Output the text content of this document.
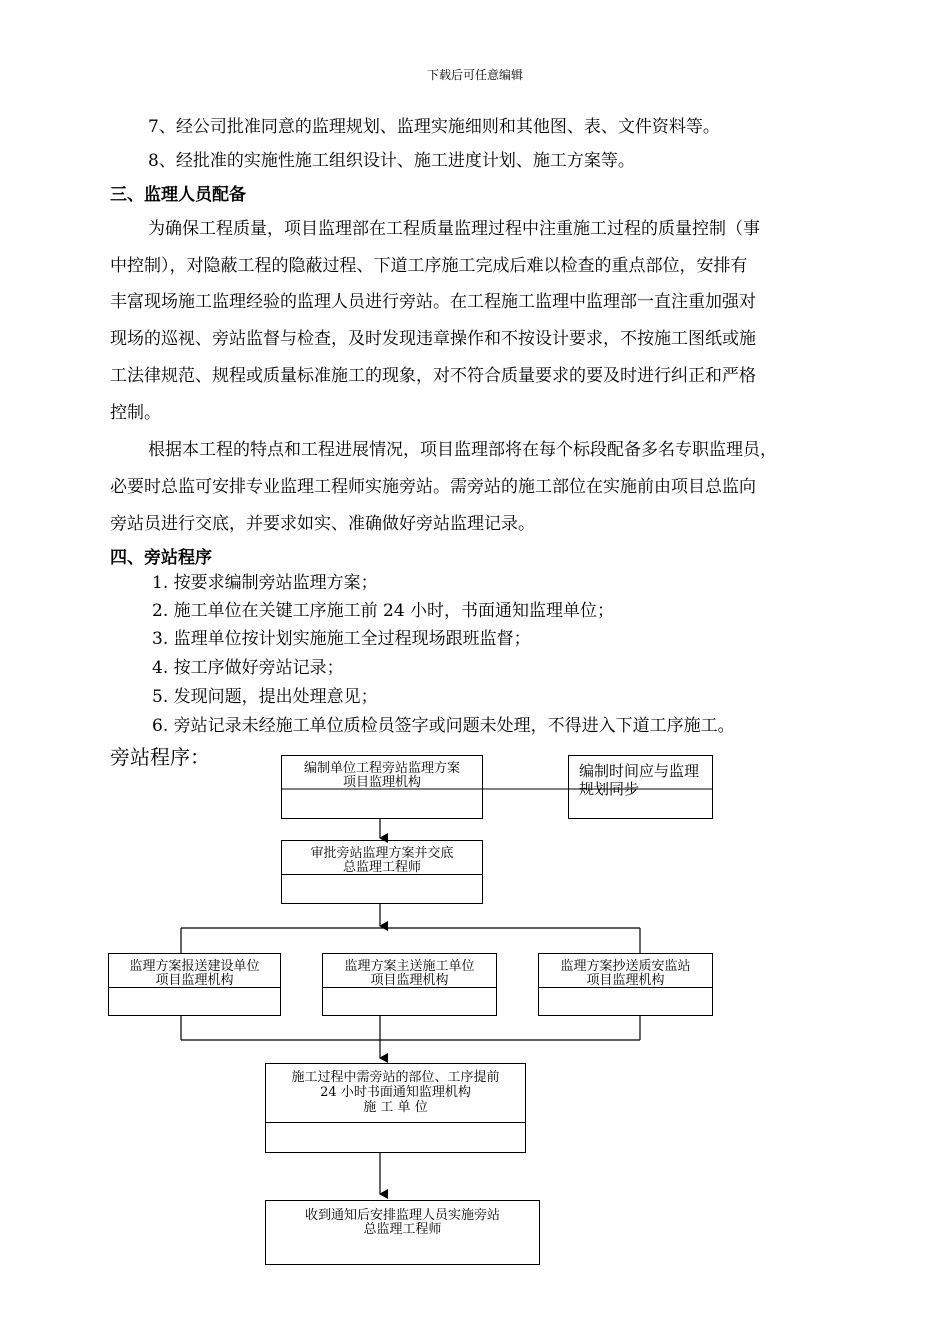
下载后可任意编辑
7、经公司批准同意的监理规划、监理实施细则和其他图、表、文件资料等。
8、经批准的实施性施工组织设计、施工进度计划、施工方案等。
三、监理人员配备
为确保工程质量，项目监理部在工程质量监理过程中注重施工过程的质量控制（事
中控制），对隐蔽工程的隐蔽过程、下道工序施工完成后难以检查的重点部位，安排有
丰富现场施工监理经验的监理人员进行旁站。在工程施工监理中监理部一直注重加强对
现场的巡视、旁站监督与检查，及时发现违章操作和不按设计要求，不按施工图纸或施
工法律规范、规程或质量标准施工的现象，对不符合质量要求的要及时进行纠正和严格
控制。
根据本工程的特点和工程进展情况，项目监理部将在每个标段配备多名专职监理员，
必要时总监可安排专业监理工程师实施旁站。需旁站的施工部位在实施前由项目总监向
旁站员进行交底，并要求如实、准确做好旁站监理记录。
四、旁站程序
1. 按要求编制旁站监理方案；
2. 施工单位在关键工序施工前 24 小时，书面通知监理单位；
3. 监理单位按计划实施施工全过程现场跟班监督；
4. 按工序做好旁站记录；
5. 发现问题，提出处理意见；
6. 旁站记录未经施工单位质检员签字或问题未处理，不得进入下道工序施工。
旁站程序：	编制单位工程旁站监理方案
项目监理机构
编制时间应与监理规划同步
审批旁站监理方案并交底
总监理工程师
监理方案报送建设单位
项目监理机构
监理方案主送施工单位
项目监理机构
监理方案抄送质安监站
项目监理机构
施工过程中需旁站的部位、工序提前
24 小时书面通知监理机构
施 工 单 位
收到通知后安排监理人员实施旁站
总监理工程师
